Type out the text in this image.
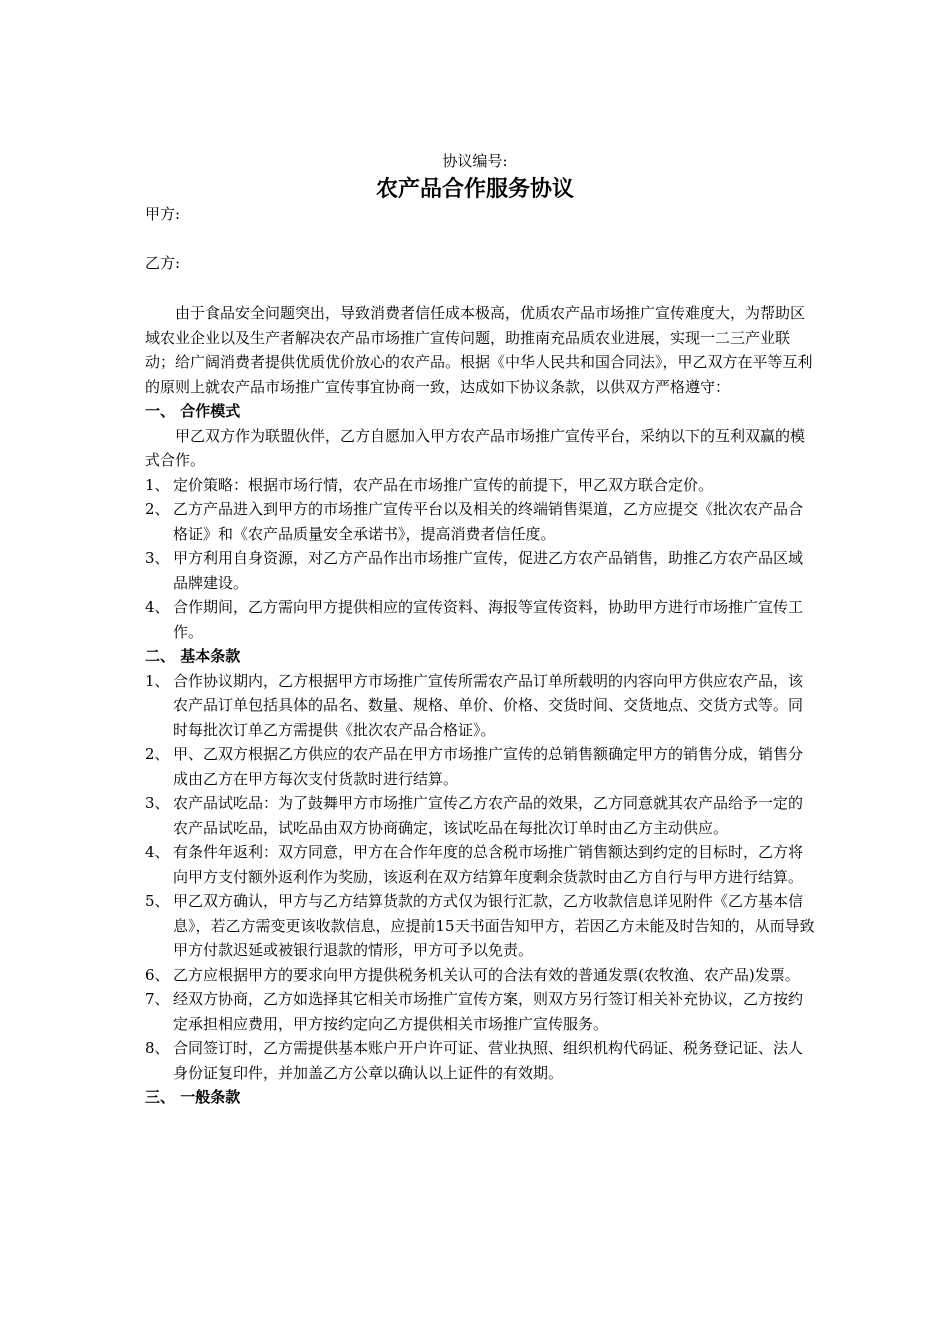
协议编号:
农产品合作服务协议
甲方:
乙方:

由于食品安全问题突出，导致消费者信任成本极高，优质农产品市场推广宣传难度大，为帮助区域农业企业以及生产者解决农产品市场推广宣传问题，助推南充品质农业进展，实现一二三产业联动；给广阔消费者提供优质优价放心的农产品。根据《中华人民共和国合同法》，甲乙双方在平等互利的原则上就农产品市场推广宣传事宜协商一致，达成如下协议条款，以供双方严格遵守：

一、 合作模式

甲乙双方作为联盟伙伴，乙方自愿加入甲方农产品市场推广宣传平台，采纳以下的互利双赢的模式合作。

1、 定价策略：根据市场行情，农产品在市场推广宣传的前提下，甲乙双方联合定价。
2、 乙方产品进入到甲方的市场推广宣传平台以及相关的终端销售渠道，乙方应提交《批次农产品合格证》和《农产品质量安全承诺书》，提高消费者信任度。
3、 甲方利用自身资源，对乙方产品作出市场推广宣传，促进乙方农产品销售，助推乙方农产品区域品牌建设。
4、 合作期间，乙方需向甲方提供相应的宣传资料、海报等宣传资料，协助甲方进行市场推广宣传工作。

二、 基本条款

1、 合作协议期内，乙方根据甲方市场推广宣传所需农产品订单所载明的内容向甲方供应农产品，该农产品订单包括具体的品名、数量、规格、单价、价格、交货时间、交货地点、交货方式等。同时每批次订单乙方需提供《批次农产品合格证》。
2、 甲、乙双方根据乙方供应的农产品在甲方市场推广宣传的总销售额确定甲方的销售分成，销售分成由乙方在甲方每次支付货款时进行结算。
3、 农产品试吃品：为了鼓舞甲方市场推广宣传乙方农产品的效果，乙方同意就其农产品给予一定的农产品试吃品，试吃品由双方协商确定，该试吃品在每批次订单时由乙方主动供应。
4、 有条件年返利：双方同意，甲方在合作年度的总含税市场推广销售额达到约定的目标时，乙方将向甲方支付额外返利作为奖励，该返利在双方结算年度剩余货款时由乙方自行与甲方进行结算。
5、 甲乙双方确认，甲方与乙方结算货款的方式仅为银行汇款，乙方收款信息详见附件《乙方基本信息》，若乙方需变更该收款信息，应提前15天书面告知甲方，若因乙方未能及时告知的，从而导致甲方付款迟延或被银行退款的情形，甲方可予以免责。
6、 乙方应根据甲方的要求向甲方提供税务机关认可的合法有效的普通发票(农牧渔、农产品)发票。
7、 经双方协商，乙方如选择其它相关市场推广宣传方案，则双方另行签订相关补充协议，乙方按约定承担相应费用，甲方按约定向乙方提供相关市场推广宣传服务。
8、 合同签订时，乙方需提供基本账户开户许可证、营业执照、组织机构代码证、税务登记证、法人身份证复印件，并加盖乙方公章以确认以上证件的有效期。

三、 一般条款
